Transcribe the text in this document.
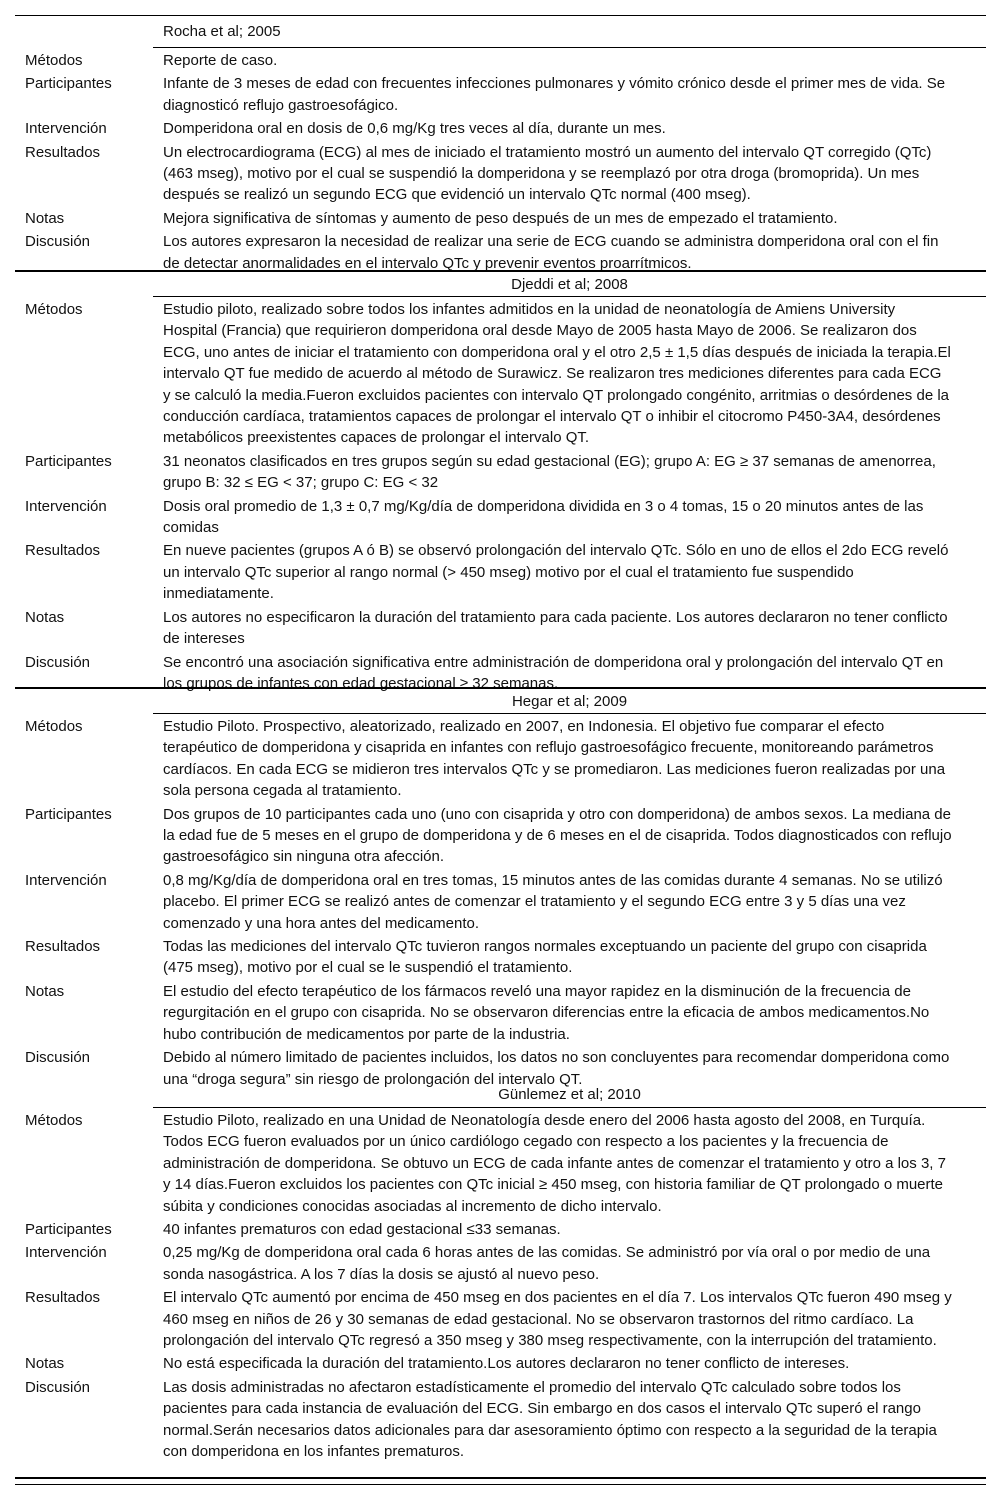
Rocha et al; 2005
Métodos	Reporte de caso.
Participantes	Infante de 3 meses de edad con frecuentes infecciones pulmonares y vómito crónico desde el primer mes de vida. Se diagnosticó reflujo gastroesofágico.
Intervención	Domperidona oral en dosis de 0,6 mg/Kg tres veces al día, durante un mes.
Resultados	Un electrocardiograma (ECG) al mes de iniciado el tratamiento mostró un aumento del intervalo QT corregido (QTc) (463 mseg), motivo por el cual se suspendió la domperidona y se reemplazó por otra droga (bromoprida). Un mes después se realizó un segundo ECG que evidenció un intervalo QTc normal (400 mseg).
Notas	Mejora significativa de síntomas y aumento de peso después de un mes de empezado el tratamiento.
Discusión	Los autores expresaron la necesidad de realizar una serie de ECG cuando se administra domperidona oral con el fin de detectar anormalidades en el intervalo QTc y prevenir eventos proarrítmicos.
Djeddi et al; 2008
Métodos	Estudio piloto, realizado sobre todos los infantes admitidos en la unidad de neonatología de Amiens University Hospital (Francia) que requirieron domperidona oral desde Mayo de 2005 hasta Mayo de 2006. Se realizaron dos ECG, uno antes de iniciar el tratamiento con domperidona oral y el otro 2,5 ± 1,5 días después de iniciada la terapia.El intervalo QT fue medido de acuerdo al método de Surawicz. Se realizaron tres mediciones diferentes para cada ECG y se calculó la media.Fueron excluidos pacientes con intervalo QT prolongado congénito, arritmias o desórdenes de la conducción cardíaca, tratamientos capaces de prolongar el intervalo QT o inhibir el citocromo P450-3A4, desórdenes metabólicos preexistentes capaces de prolongar el intervalo QT.
Participantes	31 neonatos clasificados en tres grupos según su edad gestacional (EG); grupo A: EG ≥ 37 semanas de amenorrea, grupo B: 32 ≤ EG < 37; grupo C: EG < 32
Intervención	Dosis oral promedio de 1,3 ± 0,7 mg/Kg/día de domperidona dividida en 3 o 4 tomas, 15 o 20 minutos antes de las comidas
Resultados	En nueve pacientes (grupos A ó B) se observó prolongación del intervalo QTc. Sólo en uno de ellos el 2do ECG reveló un intervalo QTc superior al rango normal (> 450 mseg) motivo por el cual el tratamiento fue suspendido inmediatamente.
Notas	Los autores no especificaron la duración del tratamiento para cada paciente. Los autores declararon no tener conflicto de intereses
Discusión	Se encontró una asociación significativa entre administración de domperidona oral y prolongación del intervalo QT en los grupos de infantes con edad gestacional ≥ 32 semanas.
Hegar et al; 2009
Métodos	Estudio Piloto. Prospectivo, aleatorizado, realizado en 2007, en Indonesia. El objetivo fue comparar el efecto terapéutico de domperidona y cisaprida en infantes con reflujo gastroesofágico frecuente, monitoreando parámetros cardíacos. En cada ECG se midieron tres intervalos QTc y se promediaron. Las mediciones fueron realizadas por una sola persona cegada al tratamiento.
Participantes	Dos grupos de 10 participantes cada uno (uno con cisaprida y otro con domperidona) de ambos sexos. La mediana de la edad fue de 5 meses en el grupo de domperidona y de 6 meses en el de cisaprida. Todos diagnosticados con reflujo gastroesofágico sin ninguna otra afección.
Intervención	0,8 mg/Kg/día de domperidona oral en tres tomas, 15 minutos antes de las comidas durante 4 semanas. No se utilizó placebo. El primer ECG se realizó antes de comenzar el tratamiento y el segundo ECG entre 3 y 5 días una vez comenzado y una hora antes del medicamento.
Resultados	Todas las mediciones del intervalo QTc tuvieron rangos normales exceptuando un paciente del grupo con cisaprida (475 mseg), motivo por el cual se le suspendió el tratamiento.
Notas	El estudio del efecto terapéutico de los fármacos reveló una mayor rapidez en la disminución de la frecuencia de regurgitación en el grupo con cisaprida. No se observaron diferencias entre la eficacia de ambos medicamentos.No hubo contribución de medicamentos por parte de la industria.
Discusión	Debido al número limitado de pacientes incluidos, los datos no son concluyentes para recomendar domperidona como una “droga segura” sin riesgo de prolongación del intervalo QT.
Günlemez et al; 2010
Métodos	Estudio Piloto, realizado en una Unidad de Neonatología desde enero del 2006 hasta agosto del 2008, en Turquía. Todos ECG fueron evaluados por un único cardiólogo cegado con respecto a los pacientes y la frecuencia de administración de domperidona. Se obtuvo un ECG de cada infante antes de comenzar el tratamiento y otro a los 3, 7 y 14 días.Fueron excluidos los pacientes con QTc inicial ≥ 450 mseg, con historia familiar de QT prolongado o muerte súbita y condiciones conocidas asociadas al incremento de dicho intervalo.
Participantes	40 infantes prematuros con edad gestacional ≤33 semanas.
Intervención	0,25 mg/Kg de domperidona oral cada 6 horas antes de las comidas. Se administró por vía oral o por medio de una sonda nasogástrica. A los 7 días la dosis se ajustó al nuevo peso.
Resultados	El intervalo QTc aumentó por encima de 450 mseg en dos pacientes en el día 7. Los intervalos QTc fueron 490 mseg y 460 mseg en niños de 26 y 30 semanas de edad gestacional. No se observaron trastornos del ritmo cardíaco. La prolongación del intervalo QTc regresó a 350 mseg y 380 mseg respectivamente, con la interrupción del tratamiento.
Notas	No está especificada la duración del tratamiento.Los autores declararon no tener conflicto de intereses.
Discusión	Las dosis administradas no afectaron estadísticamente el promedio del intervalo QTc calculado sobre todos los pacientes para cada instancia de evaluación del ECG. Sin embargo en dos casos el intervalo QTc superó el rango normal.Serán necesarios datos adicionales para dar asesoramiento óptimo con respecto a la seguridad de la terapia con domperidona en los infantes prematuros.
